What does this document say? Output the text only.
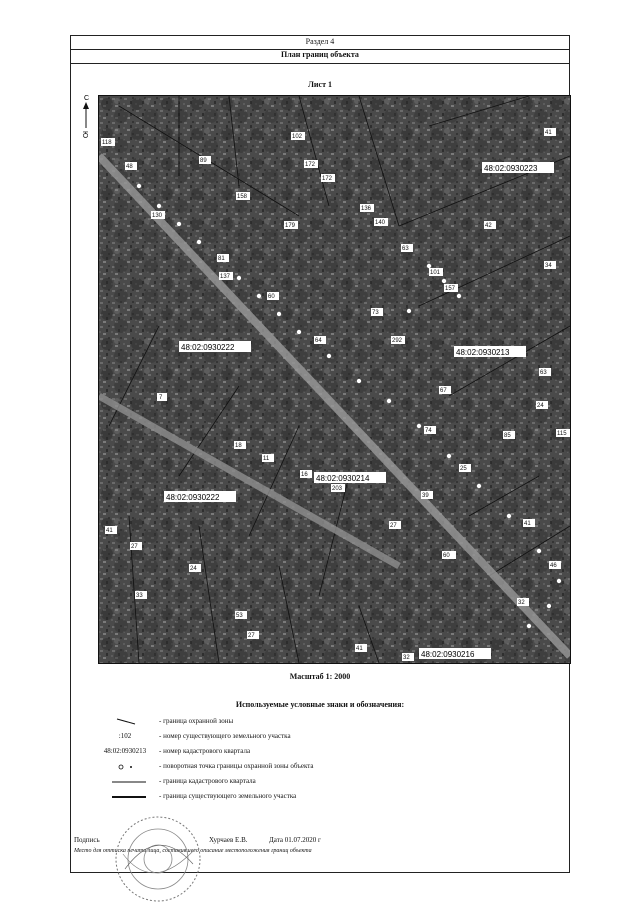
Раздел 4
План границ объекта
Лист 1
С
Ю
48:02:0930223
48:02:0930222
48:02:0930213
48:02:0930214
48:02:0930222
48:02:0930216
118
102
48
89
172
130
158
172
63
41
136
140
81
137
179	42
34
60
157
101
73
64	292
63
67
74
85
18
7
24
39
115
11
16
203
25
41
27
24
27
60
41
33
53
32
46
27
41
32
Масштаб 1: 2000
Используемые условные знаки и обозначения:
- граница охранной зоны
:102	- номер существующего земельного участка
48:02:0930213	- номер кадастрового квартала
- поворотная точка границы охранной зоны объекта
- граница кадастрового квартала
- граница существующего земельного участка
Подпись	Хурчаев Е.В.	Дата 01.07.2020 г
Место для оттиска печати лица, составившего описание местоположения границ объекта
